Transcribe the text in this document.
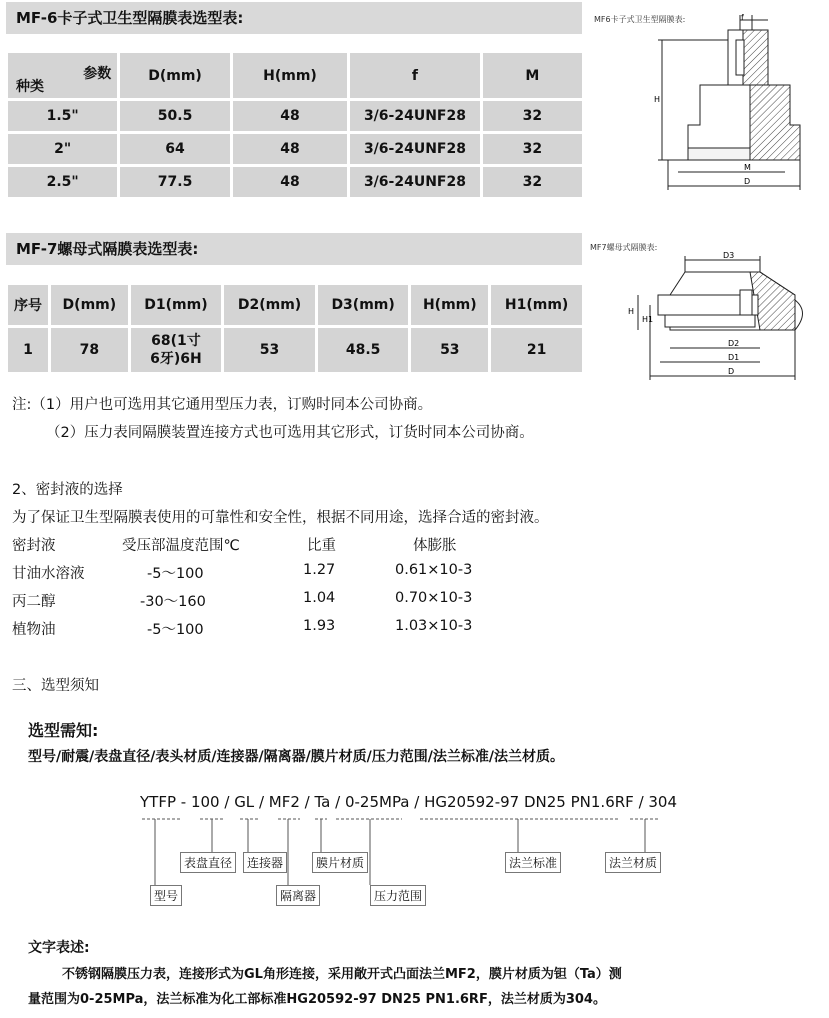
MF-6卡子式卫生型隔膜表选型表:
参数
种类	D(mm)	H(mm)	f	M
1.5"	50.5	48	3/6-24UNF28	32
2"	64	48	3/6-24UNF28	32
2.5"	77.5	48	3/6-24UNF28	32
MF6卡子式卫生型隔膜表:	f
H
M
D
MF-7螺母式隔膜表选型表:
序号	D(mm)	D1(mm)	D2(mm)	D3(mm)	H(mm)	H1(mm)
1	78	68(1寸
6牙)6H	53	48.5	53	21
MF7螺母式隔膜表:
D3
H
H1
D2
D1
D
注:（1）用户也可选用其它通用型压力表，订购时同本公司协商。
（2）压力表同隔膜装置连接方式也可选用其它形式，订货时同本公司协商。
2、密封液的选择
为了保证卫生型隔膜表使用的可靠性和安全性，根据不同用途，选择合适的密封液。
密封液	受压部温度范围℃	比重	体膨胀
甘油水溶液	-5～100	1.27	0.61×10-3
丙二醇	-30～160	1.04	0.70×10-3
植物油	-5～100	1.93	1.03×10-3
三、选型须知
选型需知:
型号/耐震/表盘直径/表头材质/连接器/隔离器/膜片材质/压力范围/法兰标准/法兰材质。
YTFP - 100 / GL / MF2 / Ta / 0-25MPa / HG20592-97 DN25 PN1.6RF / 304
表盘直径	连接器	膜片材质	法兰标准	法兰材质
型号	隔离器	压力范围
文字表述:
不锈钢隔膜压力表，连接形式为GL角形连接，采用敞开式凸面法兰MF2，膜片材质为钽（Ta）测
量范围为0-25MPa，法兰标准为化工部标准HG20592-97 DN25 PN1.6RF，法兰材质为304。
